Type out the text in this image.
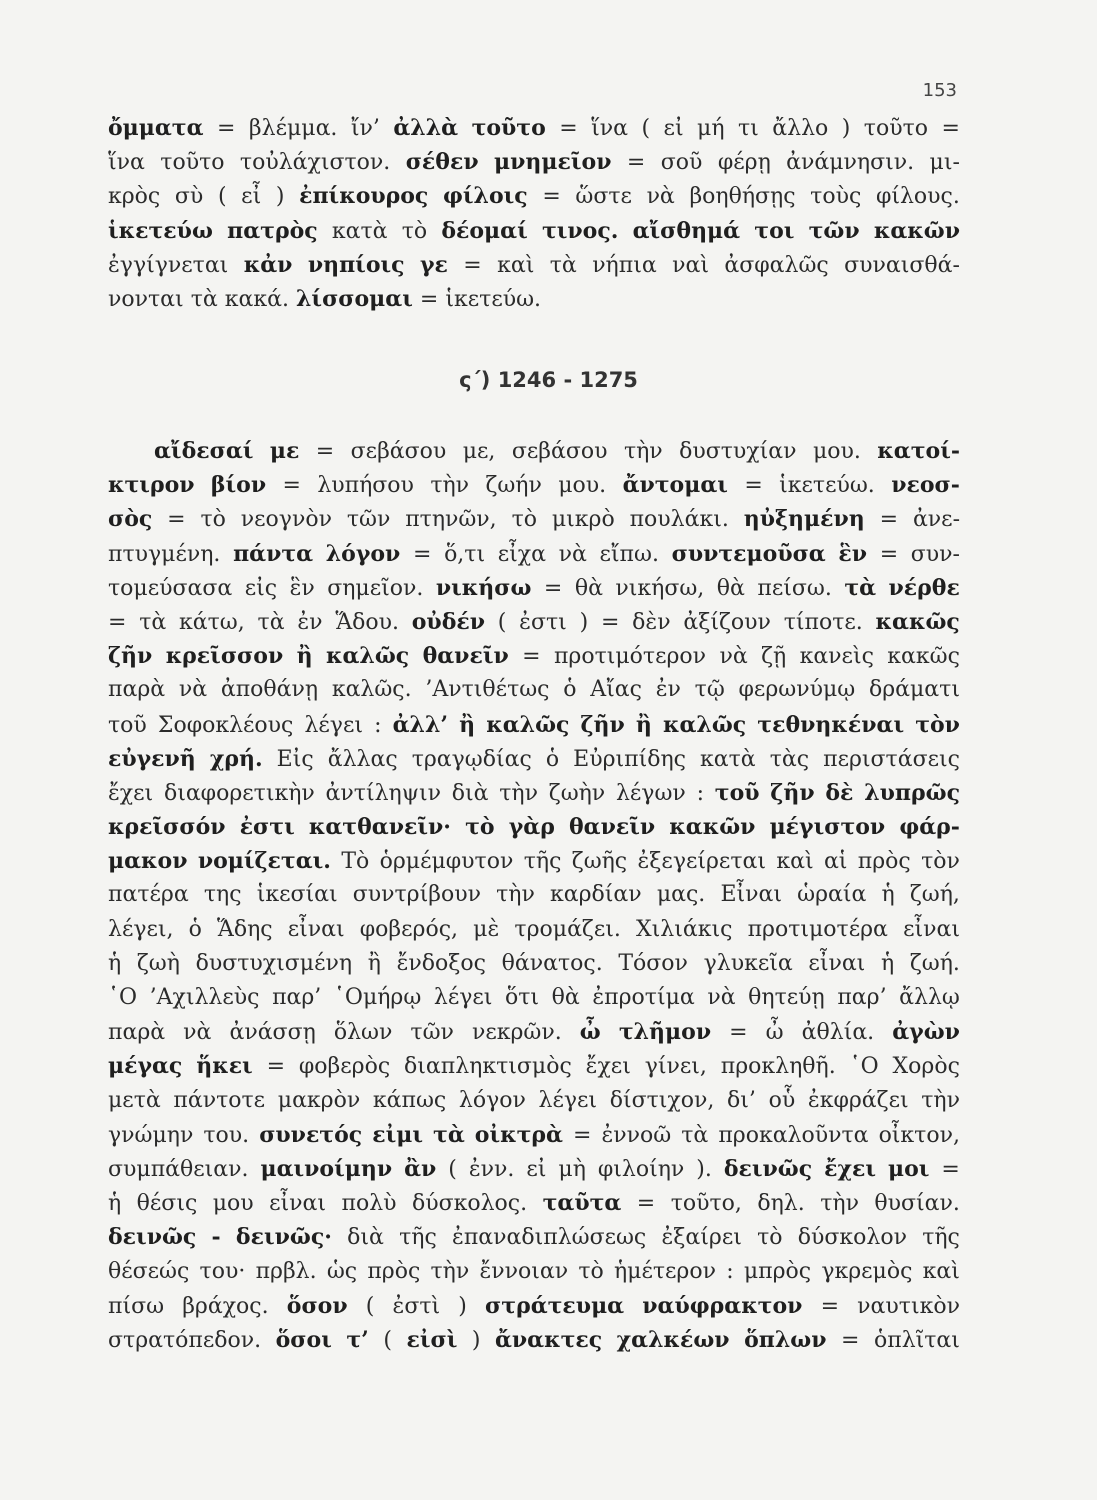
153
ὄμματα = βλέμμα. ἴν’ ἀλλὰ τοῦτο = ἵνα ( εἰ μή τι ἄλλο ) τοῦτο =
ἵνα τοῦτο τοὐλάχιστον. σέθεν μνημεῖον = σοῦ φέρῃ ἀνάμνησιν. μι-
κρὸς σὺ ( εἶ ) ἐπίκουρος φίλοις = ὥστε νὰ βοηθήσῃς τοὺς φίλους.
ἱκετεύω πατρὸς κατὰ τὸ δέομαί τινος. αἴσθημά τοι τῶν κακῶν
ἐγγίγνεται κἀν νηπίοις γε = καὶ τὰ νήπια ναὶ ἀσφαλῶς συναισθά-
νονται τὰ κακά. λίσσομαι = ἱκετεύω.
ς΄) 1246 - 1275
αἴδεσαί με = σεβάσου με, σεβάσου τὴν δυστυχίαν μου. κατοί-
κτιρον βίον = λυπήσου τὴν ζωήν μου. ἄντομαι = ἱκετεύω. νεοσ-
σὸς = τὸ νεογνὸν τῶν πτηνῶν, τὸ μικρὸ πουλάκι. ηὐξημένη = ἀνε-
πτυγμένη. πάντα λόγον = ὅ,τι εἶχα νὰ εἴπω. συντεμοῦσα ἓν = συν-
τομεύσασα εἰς ἓν σημεῖον. νικήσω = θὰ νικήσω, θὰ πείσω. τὰ νέρθε
= τὰ κάτω, τὰ ἐν Ἅδου. οὐδέν ( ἐστι ) = δὲν ἀξίζουν τίποτε. κακῶς
ζῆν κρεῖσσον ἢ καλῶς θανεῖν = προτιμότερον νὰ ζῇ κανεὶς κακῶς
παρὰ νὰ ἀποθάνῃ καλῶς. ’Αντιθέτως ὁ Αἴας ἐν τῷ φερωνύμῳ δράματι
τοῦ Σοφοκλέους λέγει : ἀλλ’ ἢ καλῶς ζῆν ἢ καλῶς τεθνηκέναι τὸν
εὐγενῆ χρή. Εἰς ἄλλας τραγῳδίας ὁ Εὐριπίδης κατὰ τὰς περιστάσεις
ἔχει διαφορετικὴν ἀντίληψιν διὰ τὴν ζωὴν λέγων : τοῦ ζῆν δὲ λυπρῶς
κρεῖσσόν ἐστι κατθανεῖν· τὸ γὰρ θανεῖν κακῶν μέγιστον φάρ-
μακον νομίζεται. Τὸ ὁρμέμφυτον τῆς ζωῆς ἐξεγείρεται καὶ αἱ πρὸς τὸν
πατέρα της ἱκεσίαι συντρίβουν τὴν καρδίαν μας. Εἶναι ὡραία ἡ ζωή,
λέγει, ὁ Ἅδης εἶναι φοβερός, μὲ τρομάζει. Χιλιάκις προτιμοτέρα εἶναι
ἡ ζωὴ δυστυχισμένη ἢ ἔνδοξος θάνατος. Τόσον γλυκεῖα εἶναι ἡ ζωή.
῾Ο ’Αχιλλεὺς παρ’ ῾Ομήρῳ λέγει ὅτι θὰ ἐπροτίμα νὰ θητεύῃ παρ’ ἄλλῳ
παρὰ νὰ ἀνάσσῃ ὅλων τῶν νεκρῶν. ὦ τλῆμον = ὦ ἀθλία. ἀγὼν
μέγας ἥκει = φοβερὸς διαπληκτισμὸς ἔχει γίνει, προκληθῆ. ῾Ο Χορὸς
μετὰ πάντοτε μακρὸν κάπως λόγον λέγει δίστιχον, δι’ οὗ ἐκφράζει τὴν
γνώμην του. συνετός εἰμι τὰ οἰκτρὰ = ἐννοῶ τὰ προκαλοῦντα οἶκτον,
συμπάθειαν. μαινοίμην ἂν ( ἐνν. εἰ μὴ φιλοίην ). δεινῶς ἔχει μοι =
ἡ θέσις μου εἶναι πολὺ δύσκολος. ταῦτα = τοῦτο, δηλ. τὴν θυσίαν.
δεινῶς - δεινῶς· διὰ τῆς ἐπαναδιπλώσεως ἐξαίρει τὸ δύσκολον τῆς
θέσεώς του· πρβλ. ὡς πρὸς τὴν ἔννοιαν τὸ ἡμέτερον : μπρὸς γκρεμὸς καὶ
πίσω βράχος. ὅσον ( ἐστὶ ) στράτευμα ναύφρακτον = ναυτικὸν
στρατόπεδον. ὅσοι τ’ ( εἰσὶ ) ἄνακτες χαλκέων ὅπλων = ὁπλῖται
